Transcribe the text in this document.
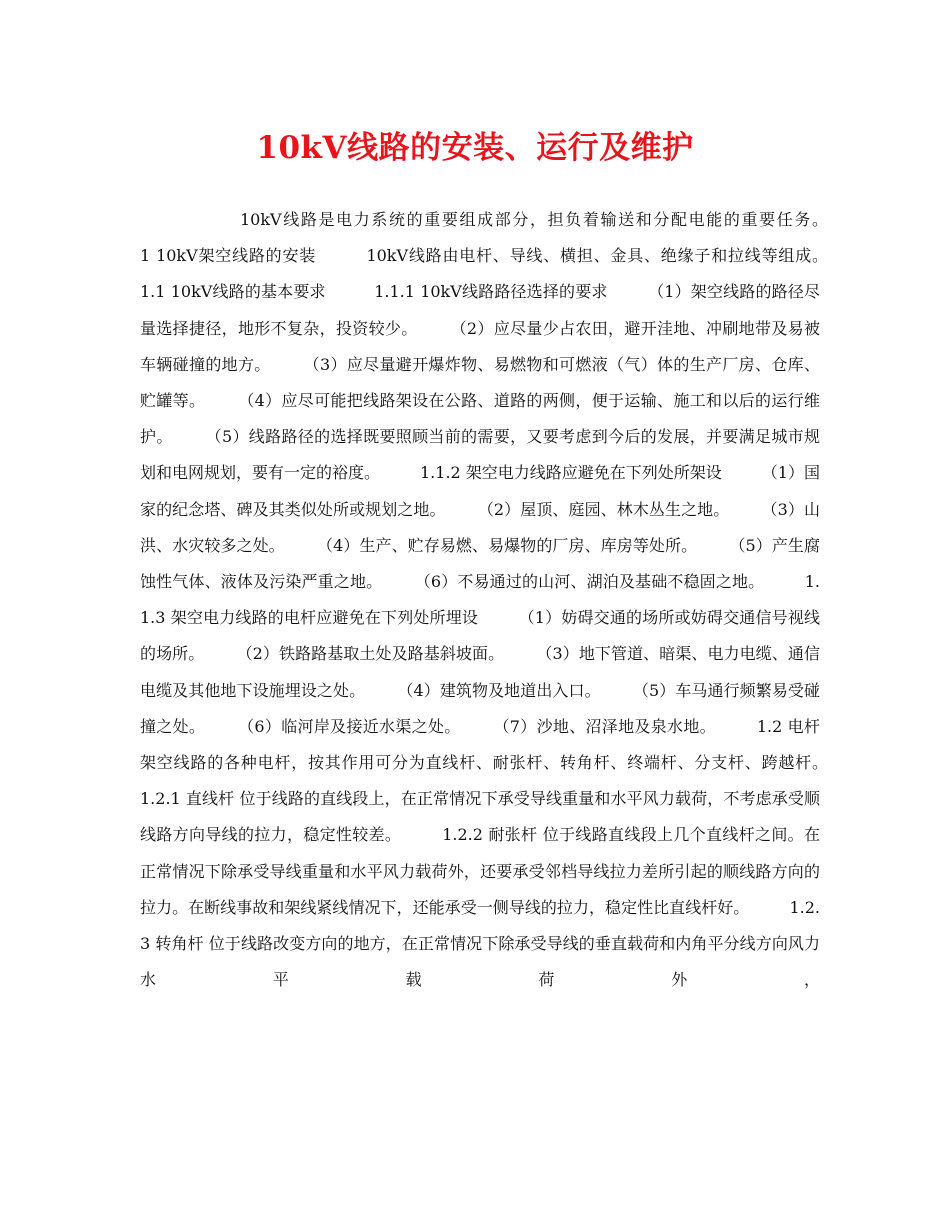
10kV线路的安装、运行及维护

10kV线路是电力系统的重要组成部分，担负着输送和分配电能的重要任务。　　　1 10kV架空线路的安装　　　10kV线路由电杆、导线、横担、金具、绝缘子和拉线等组成。　　　1.1 10kV线路的基本要求　　　1.1.1 10kV线路路径选择的要求　　　（1）架空线路的路径尽量选择捷径，地形不复杂，投资较少。　　　（2）应尽量少占农田，避开洼地、冲刷地带及易被车辆碰撞的地方。　　　（3）应尽量避开爆炸物、易燃物和可燃液（气）体的生产厂房、仓库、贮罐等。　　　（4）应尽可能把线路架设在公路、道路的两侧，便于运输、施工和以后的运行维护。　　　（5）线路路径的选择既要照顾当前的需要，又要考虑到今后的发展，并要满足城市规划和电网规划，要有一定的裕度。　　　1.1.2 架空电力线路应避免在下列处所架设　　　（1）国家的纪念塔、碑及其类似处所或规划之地。　　　（2）屋顶、庭园、林木丛生之地。　　　（3）山洪、水灾较多之处。　　　（4）生产、贮存易燃、易爆物的厂房、库房等处所。　　　（5）产生腐蚀性气体、液体及污染严重之地。　　　（6）不易通过的山河、湖泊及基础不稳固之地。　　　1.1.3 架空电力线路的电杆应避免在下列处所埋设　　　（1）妨碍交通的场所或妨碍交通信号视线的场所。　　　（2）铁路路基取土处及路基斜坡面。　　　（3）地下管道、暗渠、电力电缆、通信电缆及其他地下设施埋设之处。　　　（4）建筑物及地道出入口。　　　（5）车马通行频繁易受碰撞之处。　　　（6）临河岸及接近水渠之处。　　　（7）沙地、沼泽地及泉水地。　　　1.2 电杆　　　架空线路的各种电杆，按其作用可分为直线杆、耐张杆、转角杆、终端杆、分支杆、跨越杆。　　　1.2.1 直线杆 位于线路的直线段上，在正常情况下承受导线重量和水平风力载荷，不考虑承受顺线路方向导线的拉力，稳定性较差。　　　1.2.2 耐张杆 位于线路直线段上几个直线杆之间。在正常情况下除承受导线重量和水平风力载荷外，还要承受邻档导线拉力差所引起的顺线路方向的拉力。在断线事故和架线紧线情况下，还能承受一侧导线的拉力，稳定性比直线杆好。　　　1.2.3 转角杆 位于线路改变方向的地方，在正常情况下除承受导线的垂直载荷和内角平分线方向风力水平载荷外，
